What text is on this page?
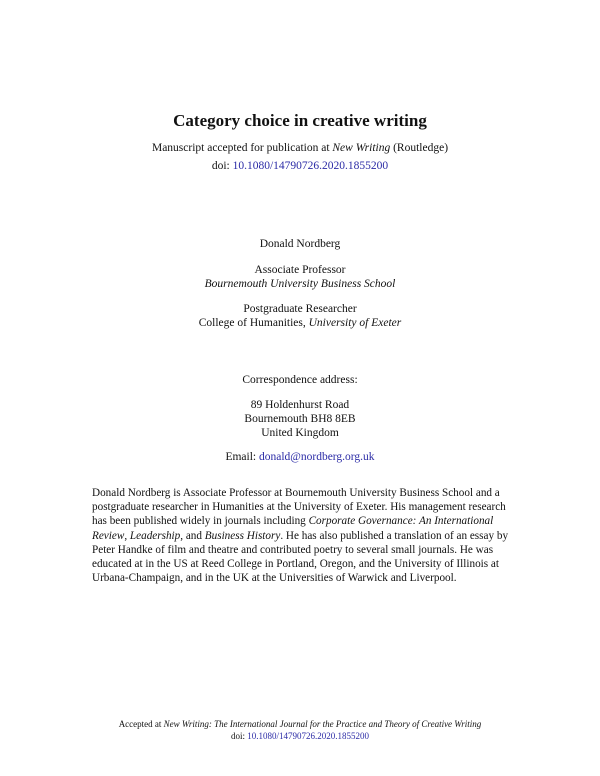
Category choice in creative writing
Manuscript accepted for publication at New Writing (Routledge)
doi: 10.1080/14790726.2020.1855200
Donald Nordberg
Associate Professor
Bournemouth University Business School
Postgraduate Researcher
College of Humanities, University of Exeter
Correspondence address:
89 Holdenhurst Road
Bournemouth BH8 8EB
United Kingdom
Email: donald@nordberg.org.uk
Donald Nordberg is Associate Professor at Bournemouth University Business School and a postgraduate researcher in Humanities at the University of Exeter. His management research has been published widely in journals including Corporate Governance: An International Review, Leadership, and Business History. He has also published a translation of an essay by Peter Handke of film and theatre and contributed poetry to several small journals. He was educated at in the US at Reed College in Portland, Oregon, and the University of Illinois at Urbana-Champaign, and in the UK at the Universities of Warwick and Liverpool.
Accepted at New Writing: The International Journal for the Practice and Theory of Creative Writing
doi: 10.1080/14790726.2020.1855200
